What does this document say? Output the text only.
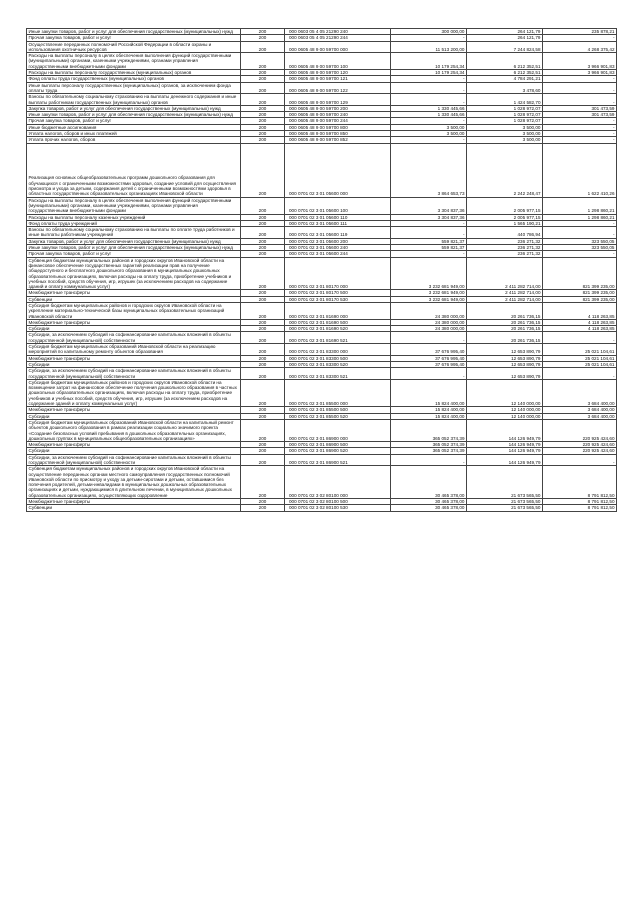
Иные закупки товаров, работ и услуг для обеспечения государственных (муниципальных) нужд	200	000 0603 05 4 05 21290 240	300 000,00	264 121,79	235 878,21
Прочая закупка товаров, работ и услуг	200	000 0603 05 4 05 21290 244	-	264 121,79	-
Осуществление переданных полномочий Российской Федерации в области охраны и использования охотничьих ресурсов	200	000 0605 48 9 00 59700 000	11 513 200,00	7 244 824,58	4 268 375,42
Расходы на выплаты персоналу в целях обеспечения выполнения функций государственными (муниципальными) органами, казенными учреждениями, органами управления государственными внебюджетными фондами	200	000 0605 48 9 00 59700 100	10 179 254,34	6 212 352,51	3 966 901,83
Расходы на выплаты персоналу государственных (муниципальных) органов	200	000 0605 48 9 00 59700 120	10 179 254,34	6 212 352,51	3 966 901,83
Фонд оплаты труда государственных (муниципальных) органов	200	000 0605 48 9 00 59700 121	-	4 784 291,21	-
Иные выплаты персоналу государственных (муниципальных) органов, за исключением фонда оплаты труда	200	000 0605 48 9 00 59700 122	-	3 478,60	-
Взносы по обязательному социальному страхованию на выплаты денежного содержания и иные выплаты работникам государственных (муниципальных) органов	200	000 0605 48 9 00 59700 129	-	1 424 582,70	-
Закупка товаров, работ и услуг для обеспечения государственных (муниципальных) нужд	200	000 0605 48 9 00 59700 200	1 330 445,66	1 028 972,07	301 473,59
Иные закупки товаров, работ и услуг для обеспечения государственных (муниципальных) нужд	200	000 0605 48 9 00 59700 240	1 330 445,66	1 028 972,07	301 473,59
Прочая закупка товаров, работ и услуг	200	000 0605 48 9 00 59700 244	-	1 028 972,07	-
Иные бюджетные ассигнования	200	000 0605 48 9 00 59700 800	3 500,00	3 500,00	-
Уплата налогов, сборов и иных платежей	200	000 0605 48 9 00 59700 850	3 500,00	3 500,00	-
Уплата прочих налогов, сборов	200	000 0605 48 9 00 59700 852	-	3 500,00	-
Реализация основных общеобразовательных программ дошкольного образования для обучающихся с ограниченными возможностями здоровья, создание условий для осуществления присмотра и ухода за детьми, содержания детей с ограниченными возможностями здоровья в областных государственных образовательных организациях Ивановской области	200	000 0701 02 3 01 05600 000	3 864 653,73	2 242 248,47	1 622 410,26
Расходы на выплаты персоналу в целях обеспечения выполнения функций государственными (муниципальными) органами, казенными учреждениями, органами управления государственными внебюджетными фондами	200	000 0701 02 3 01 05600 100	3 304 837,36	2 005 977,15	1 298 860,21
Расходы на выплаты персоналу казенных учреждений	200	000 0701 02 3 01 05600 110	3 304 837,36	2 005 977,15	1 298 860,21
Фонд оплаты труда учреждений	200	000 0701 02 3 01 05600 111	-	1 565 190,21	-
Взносы по обязательному социальному страхованию на выплаты по оплате труда работников и иные выплаты работникам учреждений	200	000 0701 02 3 01 05600 119	-	440 786,94	-
Закупка товаров, работ и услуг для обеспечения государственных (муниципальных) нужд	200	000 0701 02 3 01 05600 200	559 821,37	236 271,32	323 550,05
Иные закупки товаров, работ и услуг для обеспечения государственных (муниципальных) нужд	200	000 0701 02 3 01 05600 240	559 821,37	236 271,32	323 550,05
Прочая закупка товаров, работ и услуг	200	000 0701 02 3 01 05600 244	-	236 271,32	-
Субвенция бюджетам муниципальных районов и городских округов Ивановской области на финансовое обеспечение государственных гарантий реализации прав на получение общедоступного и бесплатного дошкольного образования в муниципальных дошкольных образовательных организациях, включая расходы на оплату труда, приобретение учебников и учебных пособий, средств обучения, игр, игрушек (за исключением расходов на содержание зданий и оплату коммунальных услуг)	200	000 0701 02 3 01 80170 000	3 232 681 949,00	2 411 282 714,00	821 399 235,00
Межбюджетные трансферты	200	000 0701 02 3 01 80170 500	3 232 681 949,00	2 411 282 714,00	821 399 235,00
Субвенции	200	000 0701 02 3 01 80170 530	3 232 681 949,00	2 411 282 714,00	821 399 235,00
Субсидия бюджетам муниципальных районов и городских округов Ивановской области на укрепление материально-технической базы муниципальных образовательных организаций Ивановской области	200	000 0701 02 3 01 81690 000	24 380 000,00	20 261 736,15	4 118 263,85
Межбюджетные трансферты	200	000 0701 02 3 01 81690 500	24 380 000,00	20 261 736,15	4 118 263,85
Субсидии	200	000 0701 02 3 01 81690 520	24 380 000,00	20 261 736,15	4 118 263,85
Субсидии, за исключением субсидий на софинансирование капитальных вложений в объекты государственной (муниципальной) собственности	200	000 0701 02 3 01 81690 521	-	20 261 736,15	-
Субсидия бюджетам муниципальных образований Ивановской области на реализацию мероприятий по капитальному ремонту объектов образования	200	000 0701 02 3 01 83300 000	37 676 995,40	12 653 890,79	25 021 104,61
Межбюджетные трансферты	200	000 0701 02 3 01 83300 500	37 676 995,40	12 653 890,79	25 021 104,61
Субсидии	200	000 0701 02 3 01 83300 520	37 676 995,40	12 653 890,79	25 021 104,61
Субсидии, за исключением субсидий на софинансирование капитальных вложений в объекты государственной (муниципальной) собственности	200	000 0701 02 3 01 83300 521	-	12 653 890,79	-
Субсидия бюджетам муниципальных районов и городских округов Ивановской области на возмещение затрат на финансовое обеспечение получения дошкольного образования в частных дошкольных образовательных организациях, включая расходы на оплату труда, приобретение учебников и учебных пособий, средств обучения, игр, игрушек (за исключением расходов на содержание зданий и оплату коммунальных услуг)	200	000 0701 02 3 01 85500 000	15 824 400,00	12 140 000,00	3 684 400,00
Межбюджетные трансферты	200	000 0701 02 3 01 85500 500	15 824 400,00	12 140 000,00	3 684 400,00
Субсидии	200	000 0701 02 3 01 85500 520	15 824 400,00	12 140 000,00	3 684 400,00
Субсидия бюджетам муниципальных образований Ивановской области на капитальный ремонт объектов дошкольного образования в рамках реализации социально значимого проекта «Создание безопасных условий пребывания в дошкольных образовательных организациях, дошкольных группах в муниципальных общеобразовательных организациях»	200	000 0701 02 3 01 86900 000	365 052 374,39	144 126 949,79	220 925 424,60
Межбюджетные трансферты	200	000 0701 02 3 01 86900 500	365 052 374,39	144 126 949,79	220 925 424,60
Субсидии	200	000 0701 02 3 01 86900 520	365 052 374,39	144 126 949,79	220 925 424,60
Субсидии, за исключением субсидий на софинансирование капитальных вложений в объекты государственной (муниципальной) собственности	200	000 0701 02 3 01 86900 521	-	144 126 949,79	-
Субвенция бюджетам муниципальных районов и городских округов Ивановской области на осуществление переданных органам местного самоуправления государственных полномочий Ивановской области по присмотру и уходу за детьми-сиротами и детьми, оставшимися без попечения родителей, детьми-инвалидами в муниципальных дошкольных образовательных организациях и детьми, нуждающимися в длительном лечении, в муниципальных дошкольных образовательных организациях, осуществляющих оздоровление	200	000 0701 02 3 02 80100 000	30 465 378,00	21 673 565,50	8 791 812,50
Межбюджетные трансферты	200	000 0701 02 3 02 80100 500	30 465 378,00	21 673 565,50	8 791 812,50
Субвенции	200	000 0701 02 3 02 80100 530	30 465 378,00	21 673 565,50	8 791 812,50
